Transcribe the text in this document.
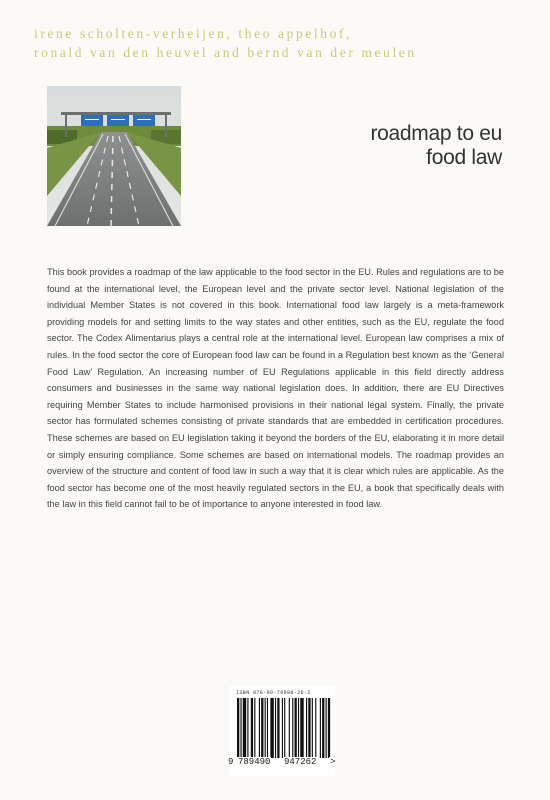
irene scholten-verheijen, theo appelhof,
ronald van den heuvel and bernd van der meulen
roadmap to eu
food law
This book provides a roadmap of the law applicable to the food sector in the EU. Rules and regulations are to be found at the international level, the European level and the private sector level. National legislation of the individual Member States is not covered in this book. International food law largely is a meta-framework providing models for and setting limits to the way states and other entities, such as the EU, regulate the food sector. The Codex Alimentarius plays a central role at the international level. European law comprises a mix of rules. In the food sector the core of European food law can be found in a Regulation best known as the ‘General Food Law’ Regulation. An increasing number of EU Regulations applicable in this field directly address consumers and businesses in the same way national legislation does. In addition, there are EU Directives requiring Member States to include harmonised provisions in their national legal system. Finally, the private sector has formulated schemes consisting of private standards that are embedded in certification procedures. These schemes are based on EU legislation taking it beyond the borders of the EU, elaborating it in more detail or simply ensuring compliance. Some schemes are based on international models. The roadmap provides an overview of the structure and content of food law in such a way that it is clear which rules are applicable. As the food sector has become one of the most heavily regulated sectors in the EU, a book that specifically deals with the law in this field cannot fail to be of importance to anyone interested in food law.
ISBN 978-90-76998-26-2
9 789490 947262 >
